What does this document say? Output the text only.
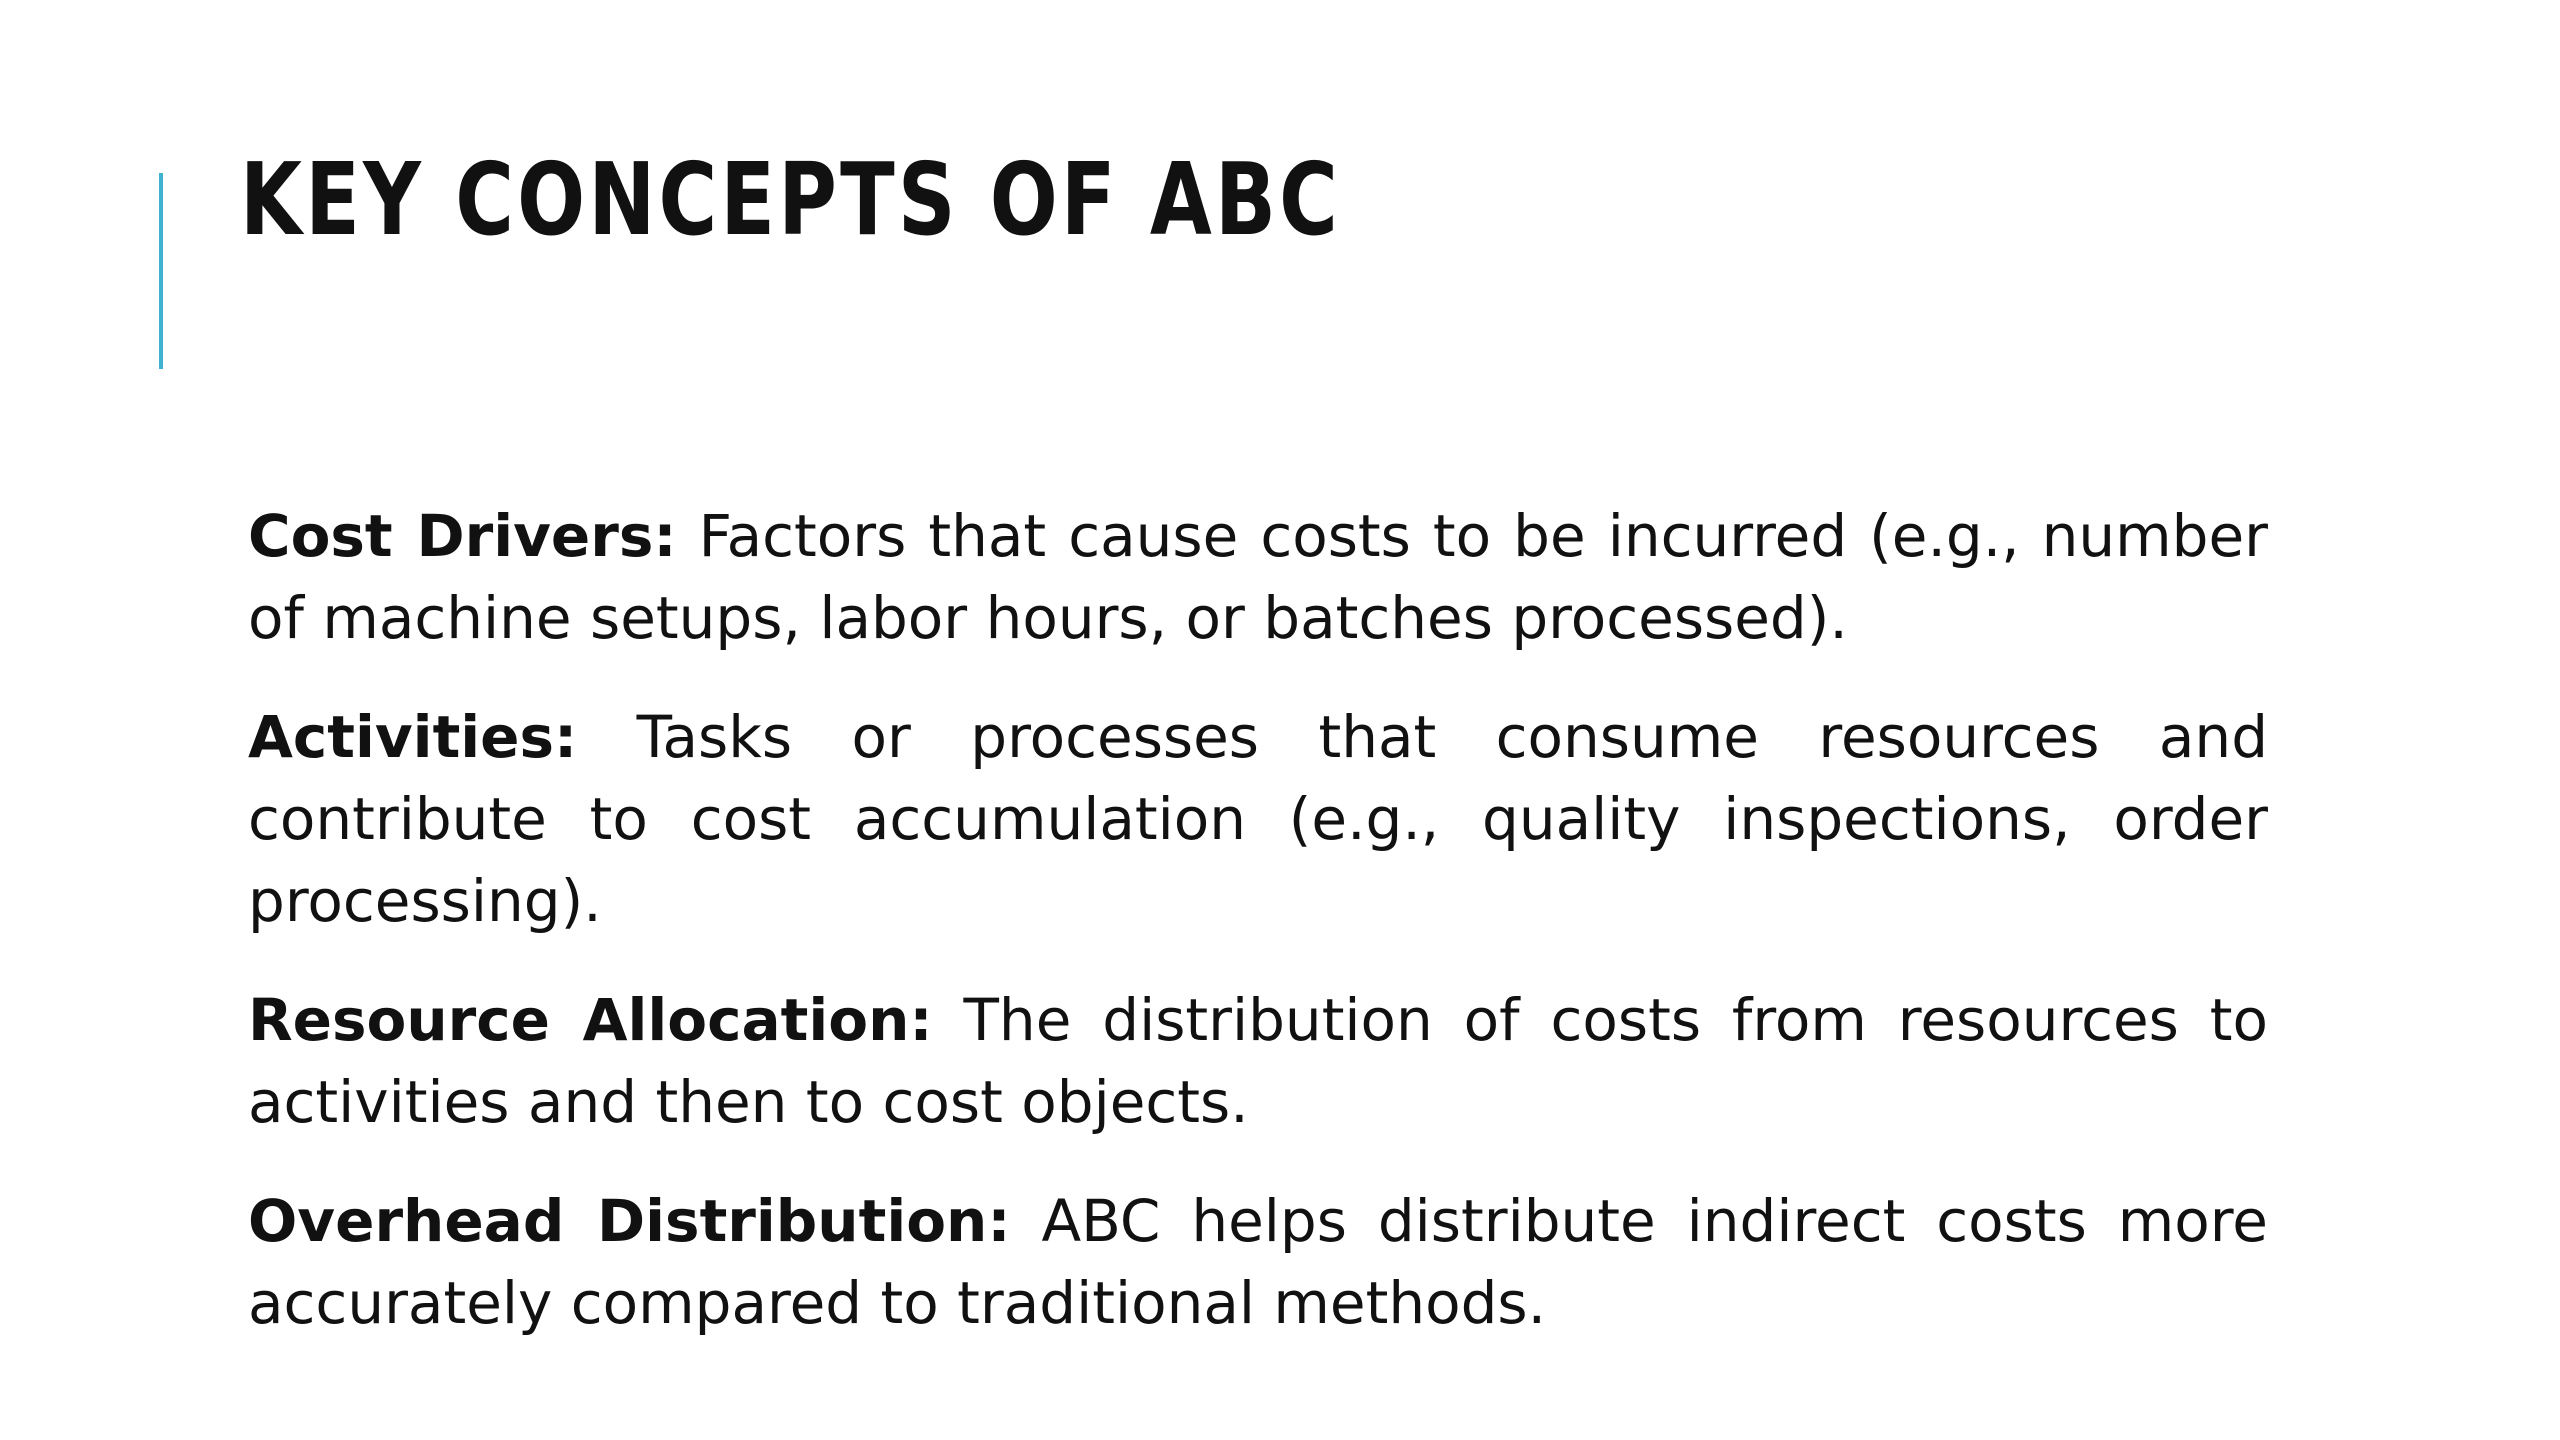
KEY CONCEPTS OF ABC

Cost Drivers: Factors that cause costs to be incurred (e.g., number of machine setups, labor hours, or batches processed).

Activities: Tasks or processes that consume resources and contribute to cost accumulation (e.g., quality inspections, order processing).

Resource Allocation: The distribution of costs from resources to activities and then to cost objects.

Overhead Distribution: ABC helps distribute indirect costs more accurately compared to traditional methods.
